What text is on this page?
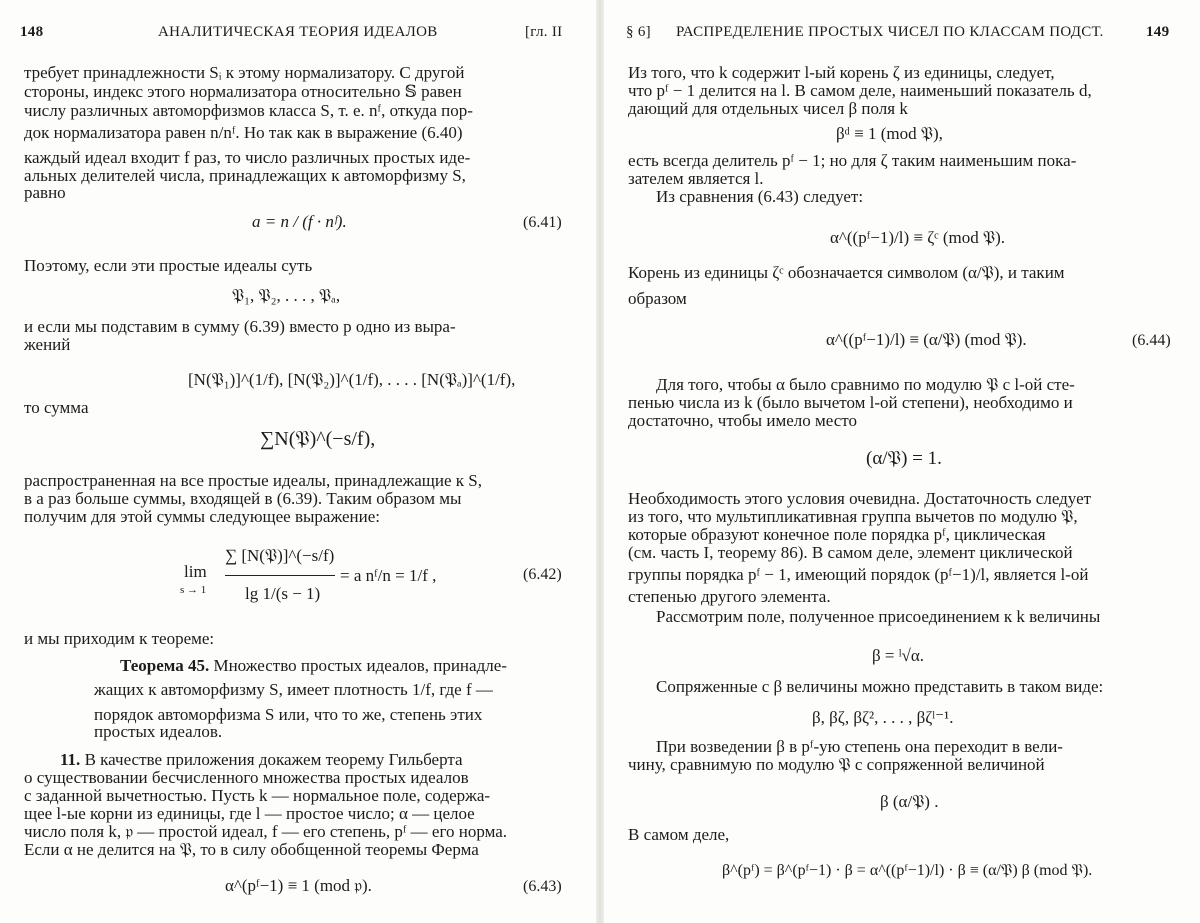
148	АНАЛИТИЧЕСКАЯ ТЕОРИЯ ИДЕАЛОВ	[гл. II
требует принадлежности Sᵢ к этому нормализатору. С другой
стороны, индекс этого нормализатора относительно 𝕊 равен
числу различных автоморфизмов класса S, т. е. nᶠ, откуда пор-
док нормализатора равен n/nᶠ. Но так как в выражение (6.40)
каждый идеал входит f раз, то число различных простых иде-
альных делителей числа, принадлежащих к автоморфизму S,
равно
a = n / (f · nᶠ).	(6.41)
Поэтому, если эти простые идеалы суть
𝔓₁, 𝔓₂, . . . , 𝔓ₐ,
и если мы подставим в сумму (6.39) вместо p одно из выра-
жений
[N(𝔓₁)]^(1/f), [N(𝔓₂)]^(1/f), . . . . [N(𝔓ₐ)]^(1/f),
то сумма
∑N(𝔓)^(−s/f),
распространенная на все простые идеалы, принадлежащие к S,
в a раз больше суммы, входящей в (6.39). Таким образом мы
получим для этой суммы следующее выражение:
lim
s → 1
∑ [N(𝔓)]^(−s/f)
lg 1/(s − 1)
= a nᶠ/n = 1/f ,	(6.42)
и мы приходим к теореме:
Теорема 45. Множество простых идеалов, принадле-
жащих к автоморфизму S, имеет плотность 1/f, где f —
порядок автоморфизма S или, что то же, степень этих
простых идеалов.
11. В качестве приложения докажем теорему Гильберта
о существовании бесчисленного множества простых идеалов
с заданной вычетностью. Пусть k — нормальное поле, содержа-
щее l-ые корни из единицы, где l — простое число; α — целое
число поля k, 𝔭 — простой идеал, f — его степень, pᶠ — его норма.
Если α не делится на 𝔓, то в силу обобщенной теоремы Ферма
α^(pᶠ−1) ≡ 1 (mod 𝔭).	(6.43)
§ 6] РАСПРЕДЕЛЕНИЕ ПРОСТЫХ ЧИСЕЛ ПО КЛАССАМ ПОДСТ.	149
Из того, что k содержит l-ый корень ζ из единицы, следует,
что pᶠ − 1 делится на l. В самом деле, наименьший показатель d,
дающий для отдельных чисел β поля k
βᵈ ≡ 1 (mod 𝔓),
есть всегда делитель pᶠ − 1; но для ζ таким наименьшим пока-
зателем является l.
Из сравнения (6.43) следует:
α^((pᶠ−1)/l) ≡ ζᶜ (mod 𝔓).
Корень из единицы ζᶜ обозначается символом (α/𝔓), и таким
образом
α^((pᶠ−1)/l) ≡ (α/𝔓) (mod 𝔓).	(6.44)
Для того, чтобы α было сравнимо по модулю 𝔓 с l-ой сте-
пенью числа из k (было вычетом l-ой степени), необходимо и
достаточно, чтобы имело место
(α/𝔓) = 1.
Необходимость этого условия очевидна. Достаточность следует
из того, что мультипликативная группа вычетов по модулю 𝔓,
которые образуют конечное поле порядка pᶠ, циклическая
(см. часть I, теорему 86). В самом деле, элемент циклической
группы порядка pᶠ − 1, имеющий порядок (pᶠ−1)/l, является l-ой
степенью другого элемента.
Рассмотрим поле, полученное присоединением к k величины
β = ˡ√α.
Сопряженные с β величины можно представить в таком виде:
β, βζ, βζ², . . . , βζˡ⁻¹.
При возведении β в pᶠ-ую степень она переходит в вели-
чину, сравнимую по модулю 𝔓 с сопряженной величиной
β (α/𝔓) .
В самом деле,
β^(pᶠ) = β^(pᶠ−1) · β = α^((pᶠ−1)/l) · β ≡ (α/𝔓) β (mod 𝔓).
